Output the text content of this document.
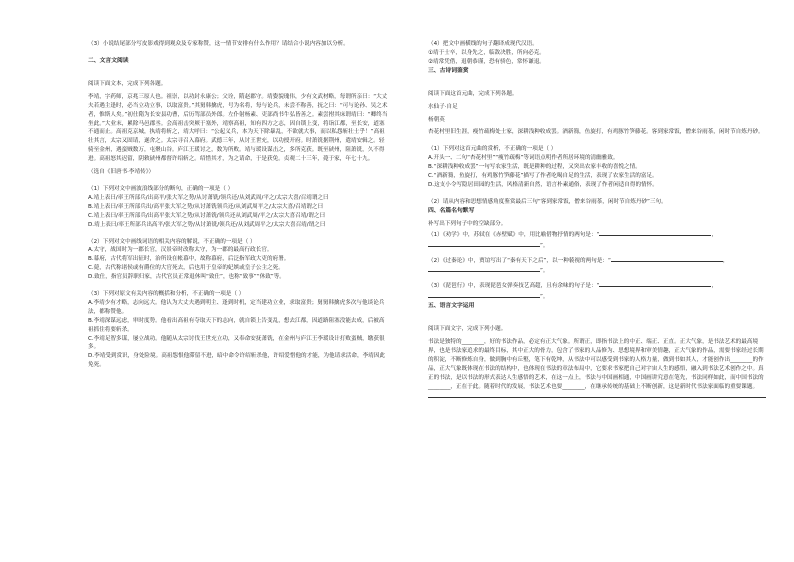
（3）小说结尾部分写皮影戏得到观众及专家称赞，这一情节安排有什么作用？请结合小说内容加以分析。

二、文言文阅读

阅读下面文本，完成下列各题。

李靖，字药师，京兆三原人也。祖崇，以功封永康公；父诠，隋赵郡守。靖姿貌瑰伟，少有文武材略，每谓所亲曰：“大丈夫若遇主逢时，必当立功立事，以取富贵。”其舅韩擒虎，号为名将，每与论兵，未尝不称善，抚之曰：“可与论孙、吴之术者，惟斯人矣。”初仕隋为长安县功曹，后历驾部员外郎。左仆射杨素、吏部尚书牛弘皆善之。素尝拊其床谓靖曰：“卿终当坐此。”大业末，累除马邑郡丞。会高祖击突厥于塞外，靖察高祖，知有四方之志，因自锁上变，将诣江都，至长安，道塞不通而止。高祖克京城，执靖将斩之，靖大呼曰：“公起义兵，本为天下除暴乱，不欲就大事，而以私怨斩壮士乎！”高祖壮其言，太宗又固请，遂舍之。太宗寻召入幕府。武德三年，从讨王世充，以功授开府。时萧铣据荆州，遣靖安辑之。轻骑至金州，遇蛮贼数万，屯聚山谷。庐江王瑗讨之，数为所败。靖与瑗设谋击之，多所克获。既至硖州，阻萧铣，久不得进。高祖怒其迟留，阴敕硖州都督许绍斩之。绍惜其才，为之请命，于是获免。贞观二十三年，薨于家，年七十九。

（选自《旧唐书·李靖传》）

（1）下列对文中画波浪线部分的断句，正确的一项是（ ）

A.靖上表曰/率王所部兵/出高平/张大军之势/从讨萧铣/领兵还/从刘武周/平之/太宗大喜/召靖谓之曰

B.靖上表曰/率王所部兵出/高平张大军之势/从讨萧铣领兵还/从刘武周平之/太宗大喜/召靖谓之曰

C.靖上表曰/率王所部兵/出高平张大军之势/从讨萧铣/领兵还从刘武周/平之/太宗大喜召靖/谓之曰

D.靖上表曰/率王所部兵出高平/张大军之势/从讨萧铣/领兵还/从刘武周平之/太宗大喜召靖/谓之曰

（2）下列对文中画线词语的相关内容的解说，不正确的一项是（ ）

A.太守，战国时为一郡长官，汉景帝时改称太守，为一郡的最高行政长官。

B.幕府，古代将军出征时，治所设在帐幕中，故称幕府，后泛指军政大吏的府署。

C.薨，古代称诸侯或有爵位的大官死去，后也用于皇帝的妃嫔或皇子公主之死。

D.致仕，指官员辞职归家，古代官员正常退休叫“致仕”，也称“致事”“休致”等。

（3）下列对原文有关内容的概括和分析，不正确的一项是（ ）

A.李靖少有才略，志向远大。他认为大丈夫遇到明主、逢到时机，定当建功立业，求取富贵；舅舅韩擒虎多次与他谈论兵法，都称赞他。

B.李靖深谋远虑，审时度势。他看出高祖有夺取天下的志向，就自锁上告变乱，想去江都，因道路阻塞没能去成，后被高祖抓住将要斩杀。

C.李靖足智多谋，屡立战功。他随从太宗讨伐王世充立功，又奉命安抚萧铣，在金州与庐江王李瑗设计打败蛮贼，缴获很多。

D.李靖受到赏识，身处险境。高祖怨恨他滞留不进，暗中命令许绍斩杀他，许绍爱惜他的才能，为他请求活命，李靖因此免死。

（4）把文中画横线的句子翻译成现代汉语。

①靖于士卒，以身先之，临敌决胜，所向必克。

②靖常凭借，退朝恭谨，恐有骄色，常怀谦退。

三、古诗词鉴赏

阅读下面这首元曲，完成下列各题。

水仙子·自足

杨朝英

杏花村里旧生涯，瘦竹疏梅处士家，深耕浅种收成罢。酒新篘，鱼旋打，有鸡豚竹笋藤花。客到家常饭，僧来谷雨茶，闲时节自炼丹砂。

（1）下列对这首元曲的赏析，不正确的一项是（ ）

A.开头一、二句“杏花村里”“瘦竹疏梅”等词语点明作者所居环境的清幽雅致。

B.“深耕浅种收成罢”一句写农家生活，既是耕种的过程，又突出农家丰收的喜悦之情。

C.“酒新篘，鱼旋打，有鸡豚竹笋藤花”描写了作者吃喝自足的生活，表现了农家生活的富足。

D.这支小令写隐居田园的生活，风格清新自然，语言朴素通俗，表现了作者闲适自得的情怀。

（2）请从内容和思想情感角度鉴赏最后三句“客到家常饭，僧来谷雨茶，闲时节自炼丹砂”三句。

四、名篇名句默写

补写出下列句子中的空缺部分。

（1）《劝学》中，苏轼在《赤壁赋》中，用比喻借物抒情的两句是：“	，”。

（2）《过秦论》中，贾谊写出了“秦有天下之后”，以一种藐视的两句是：“	，”。

（3）《琵琶行》中，表现琵琶女弹奏技艺高超，且有余味的句子是：“	，”。

五、语言文字运用

阅读下面文字，完成下列小题。

书法是独特的________，好的书法作品，必定有正大气象。所谓正，即指书法上的中正、端正、正直。正大气象，是书法艺术的最高境界，也是书法家追求的最终目标，其中正大的骨力，包含了书家的人品修为、思想境界和审美情趣，正大气象的作品，需要书家经过长期的积淀，不断修炼自身，做到胸中有丘壑，笔下有乾坤，从书法中可以感受到书家的人格力量，做到书如其人，才能创作出________的作品，正大气象既体现在书法的结构中，也体现在书法的章法布局中，它要求书家把自己对宇宙人生的感悟，融入到书法艺术创作之中。真正的书法，是以书法的形式表达人生感悟的艺术，在这一点上，书法与中国画相通，中国画讲究意在笔先，书法同样如此，而中国书法的________，正在于此。随着时代的发展，书法艺术也要________，在继承传统的基础上不断创新，这是新时代书法家面临的重要课题。
